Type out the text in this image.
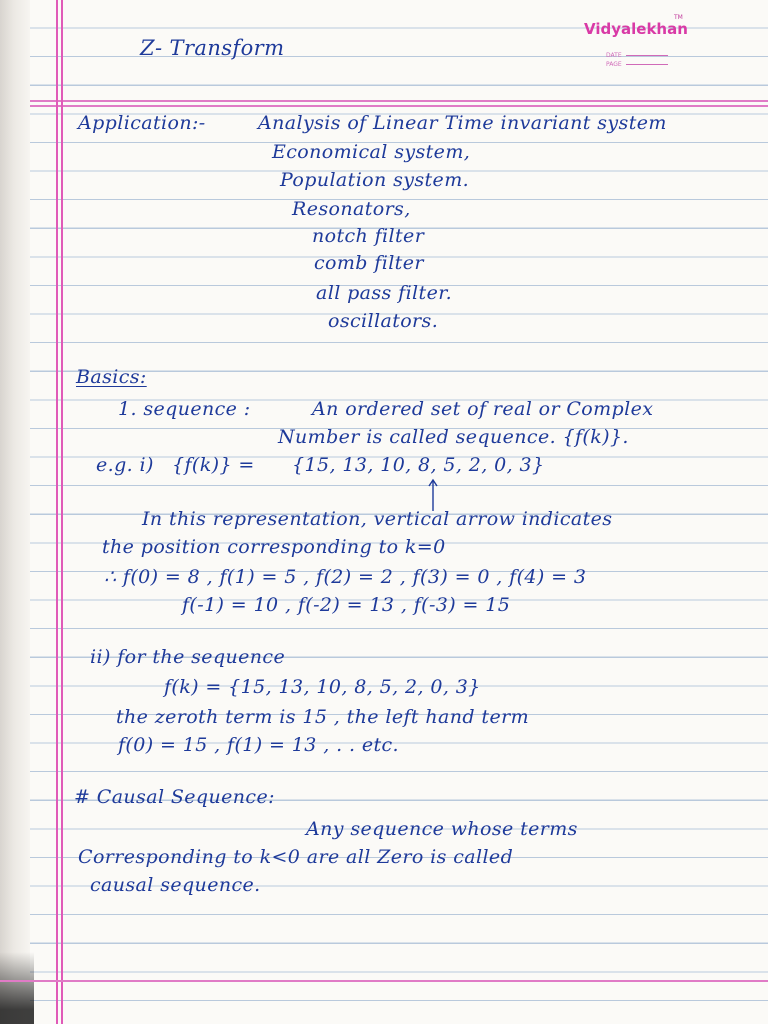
Vidyalekhan
TM
DATE
PAGE
Z- Transform
Application:-	Analysis of Linear Time invariant system
Economical system,
Population system.
Resonators,
notch filter
comb filter
all pass filter.
oscillators.
Basics:
1. sequence :	An ordered set of real or Complex
Number is called sequence. {f(k)}.
e.g. i) {f(k)} = {15, 13, 10, 8, 5, 2, 0, 3}
In this representation, vertical arrow indicates
the position corresponding to k=0
∴ f(0) = 8 , f(1) = 5 , f(2) = 2 , f(3) = 0 , f(4) = 3
f(-1) = 10 , f(-2) = 13 , f(-3) = 15
ii) for the sequence
f(k) = {15, 13, 10, 8, 5, 2, 0, 3}
the zeroth term is 15 , the left hand term
f(0) = 15 , f(1) = 13 , . . etc.
# Causal Sequence:
Any sequence whose terms
Corresponding to k<0 are all Zero is called
causal sequence.
